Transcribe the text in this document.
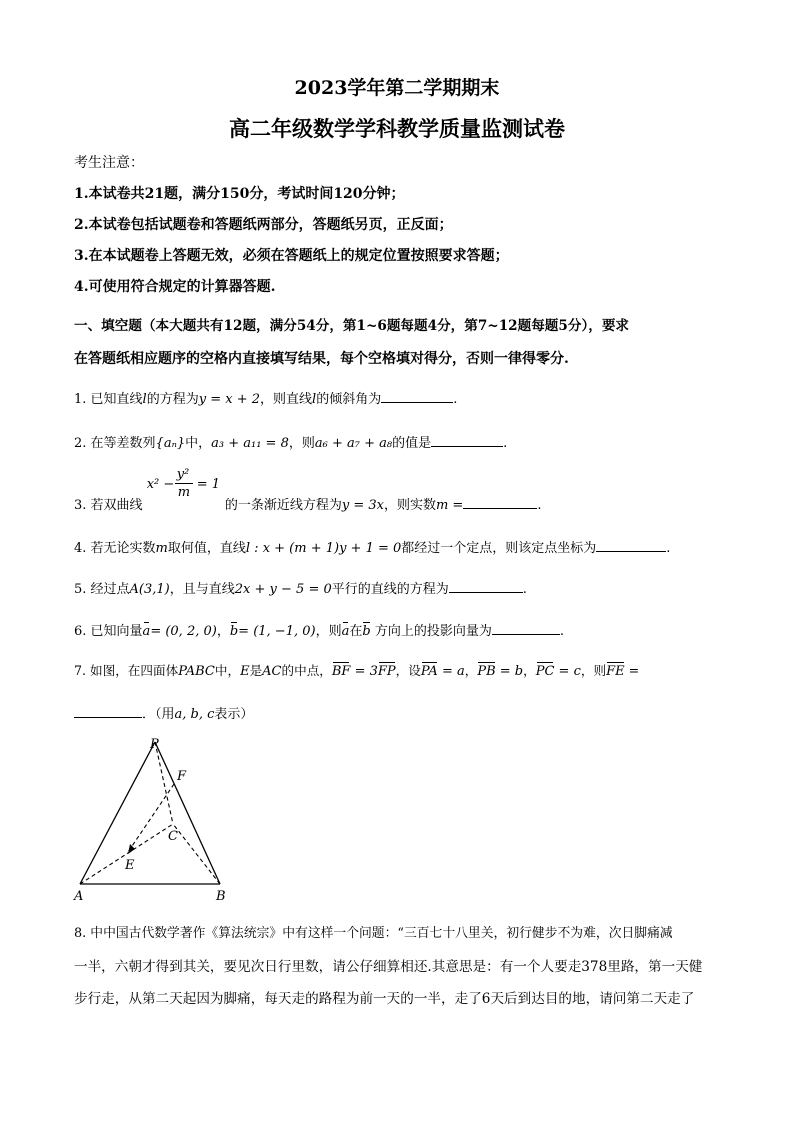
2023学年第二学期期末
高二年级数学学科教学质量监测试卷
考生注意：
1.本试卷共21题，满分150分，考试时间120分钟；
2.本试卷包括试题卷和答题纸两部分，答题纸另页，正反面；
3.在本试题卷上答题无效，必须在答题纸上的规定位置按照要求答题；
4.可使用符合规定的计算器答题.
一、填空题（本大题共有12题，满分54分，第1~6题每题4分，第7~12题每题5分），要求
在答题纸相应题序的空格内直接填写结果，每个空格填对得分，否则一律得零分.
1. 已知直线l的方程为y = x + 2，则直线l的倾斜角为	.
2. 在等差数列{aₙ}中，a₃ + a₁₁ = 8，则a₆ + a₇ + a₈的值是	.
3. 若双曲线
x² −
y²
m
= 1
的一条渐近线方程为y = 3x，则实数m =	.
4. 若无论实数m取何值，直线l : x + (m + 1)y + 1 = 0都经过一个定点，则该定点坐标为	.
5. 经过点A(3,1)，且与直线2x + y − 5 = 0平行的直线的方程为	.
6. 已知向量a= (0, 2, 0)，b= (1, −1, 0)，则a在b 方向上的投影向量为	.
7. 如图，在四面体PABC中，E是AC的中点，BF = 3FP，设PA = a，PB = b，PC = c，则FE =
．（用a, b, c表示）
P
F
C
E
A	B
8. 中中国古代数学著作《算法统宗》中有这样一个问题：“三百七十八里关，初行健步不为难，次日脚痛减
一半，六朝才得到其关，要见次日行里数，请公仔细算相还.其意思是：有一个人要走378里路，第一天健
步行走，从第二天起因为脚痛，每天走的路程为前一天的一半，走了6天后到达目的地，请问第二天走了
